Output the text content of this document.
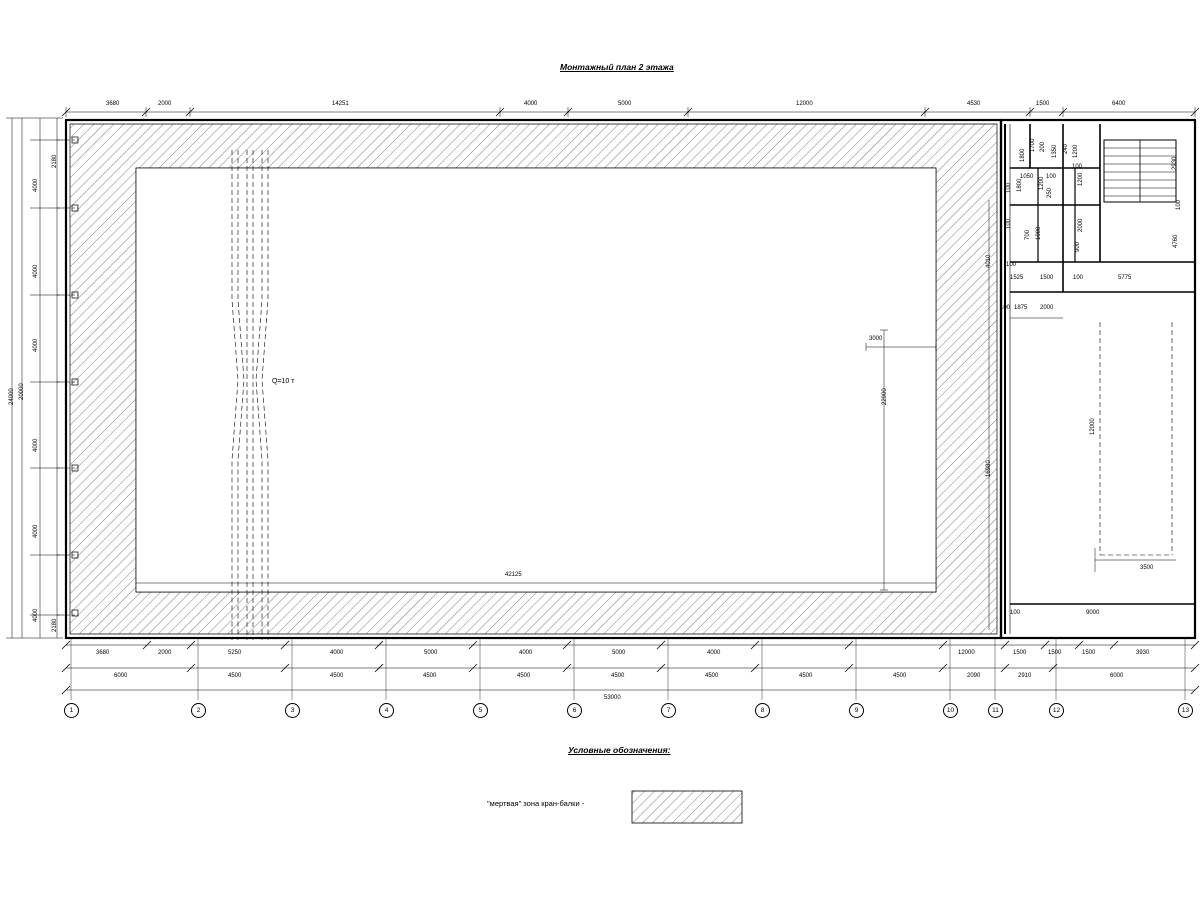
Монтажный план 2 этажа
Q=10 т
3680	2000	14251	4000	5000	12000	4530	1500	6400
3680	2000	5250	4000	5000	4000	5000	4000	12000	1500	1500	1500	3930
6000	4500	4500	4500	4500	4500	4500	4500	4500	2090	2910	6000
53000
2180
4000
4000
4000
20000
24000
4000
4000
4000
2180
3000
22900
42125
16980
4010
1800
1700 200 1350 240 1200
2930
100 1800
1050 100
1200
250
1200
100
100
100
700 1000
2000
900	4760
100
1525	1500	100	5775
100 1875 2000
12000
3500
100	9000
1	2	3	4	5	6	7	8	9	10	11	12	13
Условные обозначения:
"мертвая" зона кран-балки -
